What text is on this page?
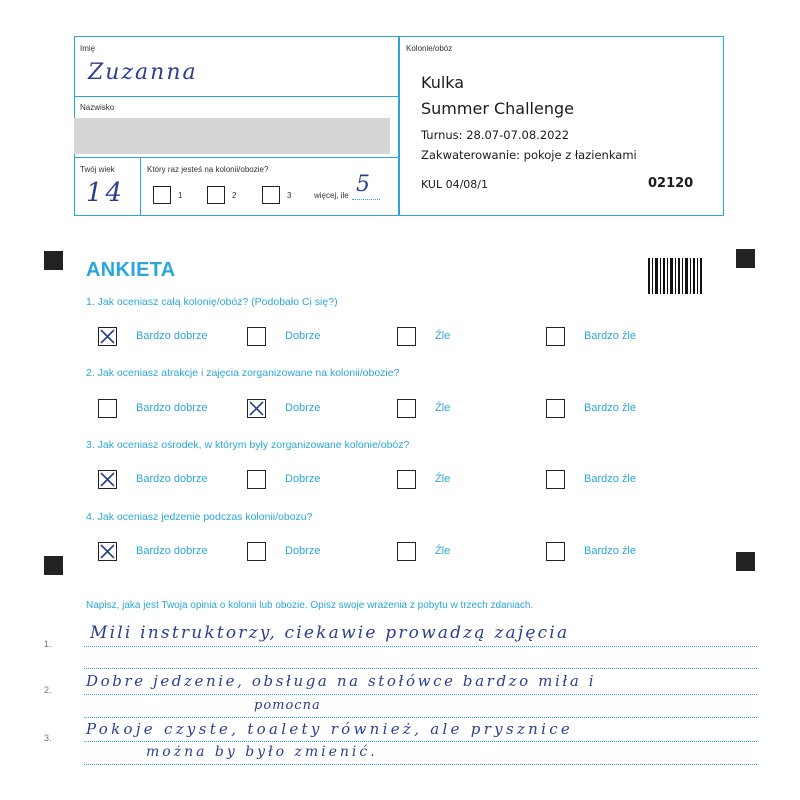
Imię
Zuzanna
Nazwisko
Twój wiek
14
Który raz jesteś na kolonii/obozie?
1	2	3	więcej, ile 5
Kolonie/obóz
Kulka
Summer Challenge
Turnus: 28.07-07.08.2022
Zakwaterowanie: pokoje z łazienkami
KUL 04/08/1	02120
ANKIETA
1. Jak oceniasz całą kolonię/obóz? (Podobało Ci się?)
Bardzo dobrze	Dobrze	Źle	Bardzo źle
2. Jak oceniasz atrakcje i zajęcia zorganizowane na kolonii/obozie?
Bardzo dobrze	Dobrze	Źle	Bardzo źle
3. Jak oceniasz ośrodek, w którym były zorganizowane kolonie/obóz?
Bardzo dobrze	Dobrze	Źle	Bardzo źle
4. Jak oceniasz jedzenie podczas kolonii/obozu?
Bardzo dobrze	Dobrze	Źle	Bardzo źle
Napisz, jaka jest Twoja opinia o kolonii lub obozie. Opisz swoje wrażenia z pobytu w trzech zdaniach.
1.
2.
3.
Mili instruktorzy, ciekawie prowadzą zajęcia
Dobre jedzenie, obsługa na stołówce bardzo miła i
pomocna
Pokoje czyste, toalety również, ale prysznice
można by było zmienić.
